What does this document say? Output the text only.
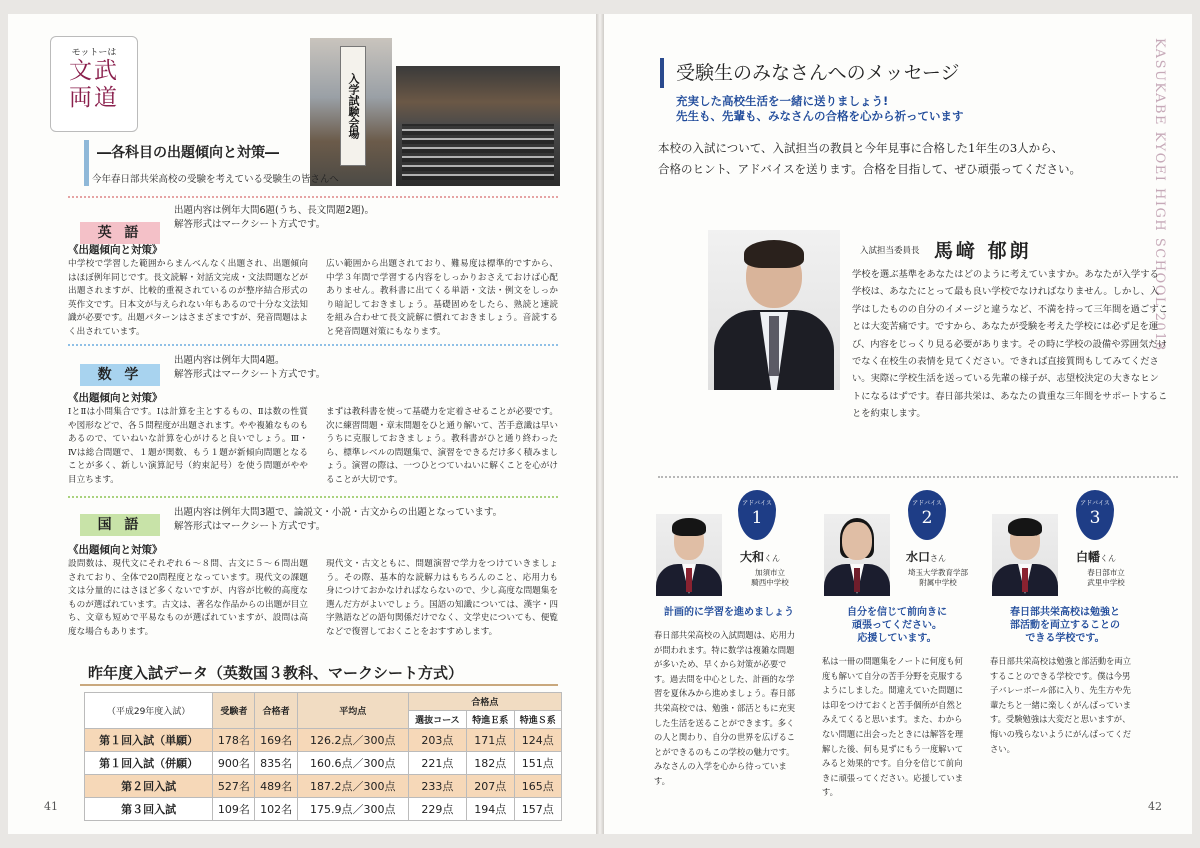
モットーは
文武
両道	入学試験会場
―各科目の出題傾向と対策―
今年春日部共栄高校の受験を考えている受験生の皆さんへ
英 語
出題内容は例年大問6題(うち、長文問題2題)。
解答形式はマークシート方式です。
《出題傾向と対策》
中学校で学習した範囲からまんべんなく出題され、出題傾向はほぼ例年同じです。長文読解・対話文完成・文法問題などが出題されますが、比較的重視されているのが整序結合形式の英作文です。日本文が与えられない年もあるので十分な文法知識が必要です。出題パターンはさまざまですが、発音問題はよく出されています。
広い範囲から出題されており、難易度は標準的ですから、中学３年間で学習する内容をしっかりおさえておけば心配ありません。教科書に出てくる単語・文法・例文をしっかり暗記しておきましょう。基礎固めをしたら、熟読と速読を組み合わせて長文読解に慣れておきましょう。音読すると発音問題対策にもなります。
数 学
出題内容は例年大問4題。
解答形式はマークシート方式です。
《出題傾向と対策》
ⅠとⅡは小問集合です。Ⅰは計算を主とするもの、Ⅱは数の性質や図形などで、各５問程度が出題されます。やや複雑なものもあるので、ていねいな計算を心がけると良いでしょう。Ⅲ・Ⅳは総合問題で、１題が関数、もう１題が新傾向問題となることが多く、新しい演算記号（約束記号）を使う問題がやや目立ちます。
まずは教科書を使って基礎力を定着させることが必要です。次に練習問題・章末問題をひと通り解いて、苦手意識は早いうちに克服しておきましょう。教科書がひと通り終わったら、標準レベルの問題集で、演習をできるだけ多く積みましょう。演習の際は、一つひとつていねいに解くことを心がけることが大切です。
国 語
出題内容は例年大問3題で、論説文・小説・古文からの出題となっています。
解答形式はマークシート方式です。
《出題傾向と対策》
設問数は、現代文にそれぞれ６～８問、古文に５～６問出題されており、全体で20問程度となっています。現代文の課題文は分量的にはさほど多くないですが、内容が比較的高度なものが選ばれています。古文は、著名な作品からの出題が目立ち、文章も短めで平易なものが選ばれていますが、設問は高度な場合もあります。
現代文・古文ともに、問題演習で学力をつけていきましょう。その際、基本的な読解力はもちろんのこと、応用力も身につけておかなければならないので、少し高度な問題集を選んだ方がよいでしょう。国語の知識については、漢字・四字熟語などの語句関係だけでなく、文学史についても、便覧などで復習しておくことをおすすめします。
昨年度入試データ（英数国３教科、マークシート方式）
（平成29年度入試）	受験者	合格者	平均点	合格点		
				選抜コース	特進Ｅ系	特進Ｓ系
第１回入試（単願）	178名	169名	126.2点／300点	203点	171点	124点
第１回入試（併願）	900名	835名	160.6点／300点	221点	182点	151点
第２回入試	527名	489名	187.2点／300点	233点	207点	165点
第３回入試	109名	102名	175.9点／300点	229点	194点	157点
41
受験生のみなさんへのメッセージ
充実した高校生活を一緒に送りましょう!
先生も、先輩も、みなさんの合格を心から祈っています
本校の入試について、入試担当の教員と今年見事に合格した1年生の3人から、
合格のヒント、アドバイスを送ります。合格を目指して、ぜひ頑張ってください。	KASUKABE KYOEI HIGH SCHOOL 2018
入試担当委員長 馬﨑 郁朗
学校を選ぶ基準をあなたはどのように考えていますか。あなたが入学する学校は、あなたにとって最も良い学校でなければなりません。しかし、入学はしたものの自分のイメージと違うなど、不満を持って三年間を過ごすことは大変苦痛です。ですから、あなたが受験を考えた学校には必ず足を運び、内容をじっくり見る必要があります。その時に学校の設備や雰囲気だけでなく在校生の表情を見てください。できれば直接質問もしてみてください。実際に学校生活を送っている先輩の様子が、志望校決定の大きなヒントになるはずです。春日部共栄は、あなたの貴重な三年間をサポートすることを約束します。
アドバイス
1
大和くん
加須市立
騎西中学校
計画的に学習を進めましょう
春日部共栄高校の入試問題は、応用力が問われます。特に数学は複雑な問題が多いため、早くから対策が必要です。過去問を中心とした、計画的な学習を夏休みから進めましょう。春日部共栄高校では、勉強・部活ともに充実した生活を送ることができます。多くの人と関わり、自分の世界を広げることができるのもこの学校の魅力です。みなさんの入学を心から待っています。
アドバイス
2
水口さん
埼玉大学教育学部
附属中学校
自分を信じて前向きに
頑張ってください。
応援しています。
私は一冊の問題集をノートに何度も何度も解いて自分の苦手分野を克服するようにしました。間違えていた問題には印をつけておくと苦手個所が自然とみえてくると思います。また、わからない問題に出会ったときには解答を理解した後、何も見ずにもう一度解いてみると効果的です。自分を信じて前向きに頑張ってください。応援しています。
アドバイス
3
白幡くん
春日部市立
武里中学校
春日部共栄高校は勉強と
部活動を両立することの
できる学校です。
春日部共栄高校は勉強と部活動を両立することのできる学校です。僕は今男子バレーボール部に入り、先生方や先輩たちと一緒に楽しくがんばっています。受験勉強は大変だと思いますが、悔いの残らないようにがんばってください。
42
